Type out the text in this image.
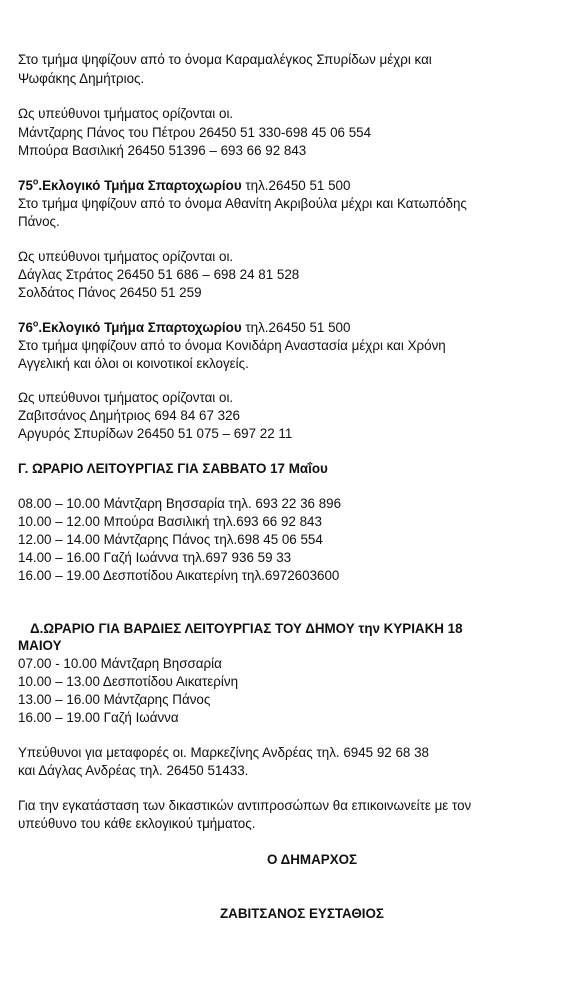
Στο τμήμα ψηφίζουν από το όνομα Καραμαλέγκος Σπυρίδων μέχρι και
Ψωφάκης Δημήτριος.
Ως υπεύθυνοι τμήματος ορίζονται οι.
Μάντζαρης Πάνος του Πέτρου 26450 51 330-698 45 06 554
Μπούρα Βασιλική 26450 51396 – 693 66 92 843
$75^o.E\kappa\lambda o\gamma\iota\kappa ό$ Τμήμα Σπαρτοχωρίου τηλ.26450 51 500
Στο τμήμα ψηφίζουν από το όνομα Αθανίτη Ακριβούλα μέχρι και Κατωπόδης
Πάνος.
Ως υπεύθυνοι τμήματος ορίζονται οι.
Δάγλας Στράτος 26450 51 686 – 698 24 81 528
Σολδάτος Πάνος 26450 51 259
$76^o.E\kappa\lambda o\gamma\iota\kappa ό$ Τμήμα Σπαρτοχωρίου τηλ.26450 51 500
Στο τμήμα ψηφίζουν από το όνομα Κονιδάρη Αναστασία μέχρι και Χρόνη
Αγγελική και όλοι οι κοινοτικοί εκλογείς.
Ως υπεύθυνοι τμήματος ορίζονται οι.
Ζαβιτσάνος Δημήτριος 694 84 67 326
Αργυρός Σπυρίδων 26450 51 075 – 697 22 11
Γ. ΩΡΑΡΙΟ ΛΕΙΤΟΥΡΓΙΑΣ ΓΙΑ ΣΑΒΒΑΤΟ 17 Μαΐου
08.00 – 10.00 Μάντζαρη Βησσαρία τηλ. 693 22 36 896
10.00 – 12.00 Μπούρα Βασιλική τηλ.693 66 92 843
12.00 – 14.00 Μάντζαρης Πάνος τηλ.698 45 06 554
14.00 – 16.00 Γαζή Ιωάννα τηλ.697 936 59 33
16.00 – 19.00 Δεσποτίδου Αικατερίνη τηλ.6972603600
Δ.ΩΡΑΡΙΟ ΓΙΑ ΒΑΡΔΙΕΣ ΛΕΙΤΟΥΡΓΙΑΣ ΤΟΥ ΔΗΜΟΥ την ΚΥΡΙΑΚΗ 18
ΜΑΙΟΥ
07.00 - 10.00 Μάντζαρη Βησσαρία
10.00 – 13.00 Δεσποτίδου Αικατερίνη
13.00 – 16.00 Μάντζαρης Πάνος
16.00 – 19.00 Γαζή Ιωάννα
Υπεύθυνοι για μεταφορές οι. Μαρκεζίνης Ανδρέας τηλ. 6945 92 68 38
και Δάγλας Ανδρέας τηλ. 26450 51433.
Για την εγκατάσταση των δικαστικών αντιπροσώπων θα επικοινωνείτε με τον
υπεύθυνο του κάθε εκλογικού τμήματος.
Ο ΔΗΜΑΡΧΟΣ
ΖΑΒΙΤΣΑΝΟΣ ΕΥΣΤΑΘΙΟΣ
